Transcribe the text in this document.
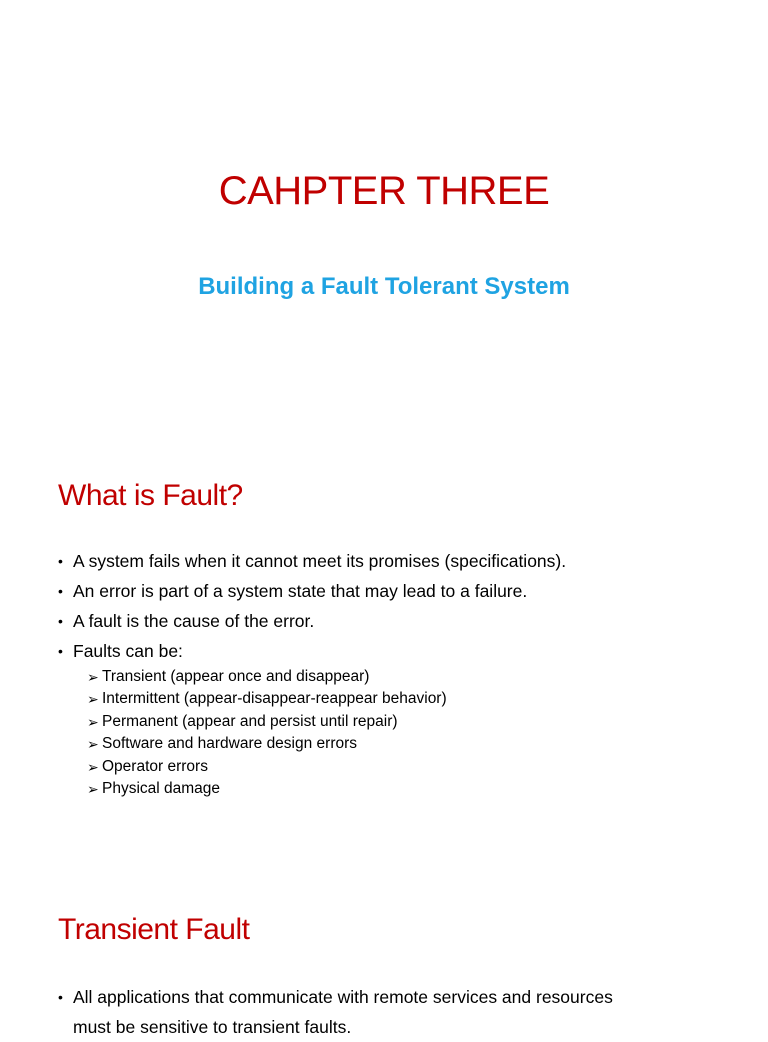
CAHPTER THREE
Building a Fault Tolerant System
What is Fault?
• A system fails when it cannot meet its promises (specifications).
• An error is part of a system state that may lead to a failure.
• A fault is the cause of the error.
• Faults can be:
➢ Transient (appear once and disappear)
➢ Intermittent (appear-disappear-reappear behavior)
➢ Permanent (appear and persist until repair)
➢ Software and hardware design errors
➢ Operator errors
➢ Physical damage
Transient Fault
• All applications that communicate with remote services and resources
must be sensitive to transient faults.
